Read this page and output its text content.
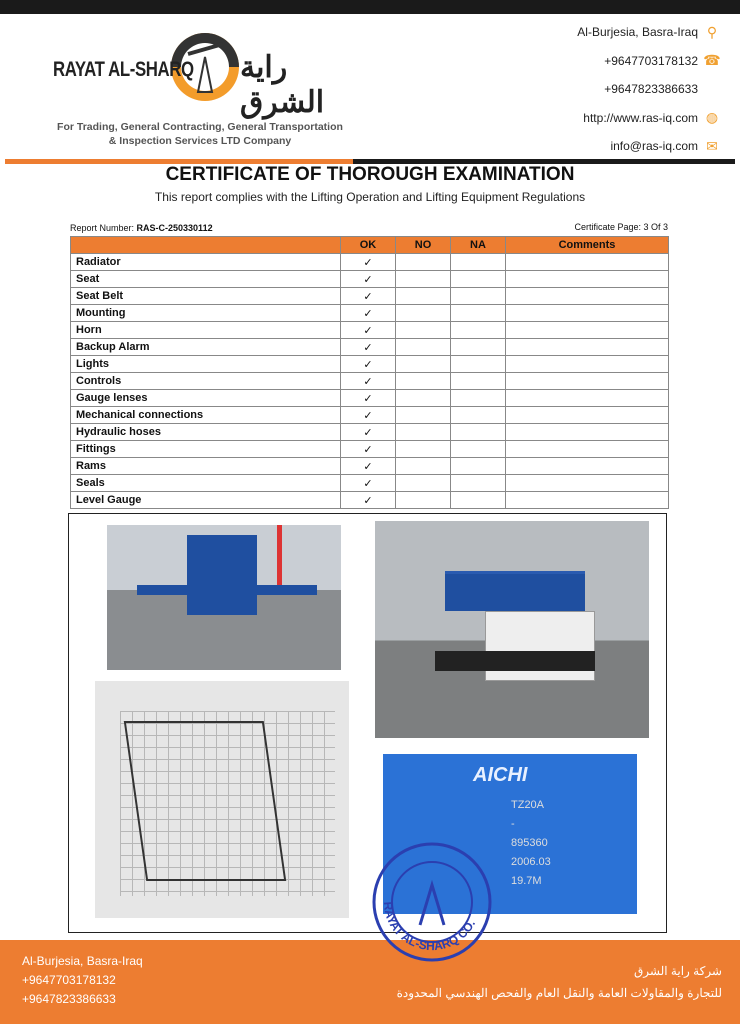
RAYAT AL-SHARQ راية الشرق
For Trading, General Contracting, General Transportation
& Inspection Services LTD Company
Al-Burjesia, Basra-Iraq ⚲
+9647703178132 ☎
+9647823386633
http://www.ras-iq.com ◍
info@ras-iq.com ✉
CERTIFICATE OF THOROUGH EXAMINATION
This report complies with the Lifting Operation and Lifting Equipment Regulations
Report Number: RAS-C-250330112	Certificate Page: 3 Of 3
	OK	NO	NA	Comments
Radiator	✓			
Seat	✓			
Seat Belt	✓			
Mounting	✓			
Horn	✓			
Backup Alarm	✓			
Lights	✓			
Controls	✓			
Gauge lenses	✓			
Mechanical connections	✓			
Hydraulic hoses	✓			
Fittings	✓			
Rams	✓			
Seals	✓			
Level Gauge	✓			
AICHI
TZ20A
-
895360
2006.03
19.7M
Al-Burjesia, Basra-Iraq
+9647703178132
+9647823386633
شركة راية الشرق
للتجارة والمقاولات العامة والنقل العام والفحص الهندسي المحدودة
RAYAT AL-SHARQ CO.
